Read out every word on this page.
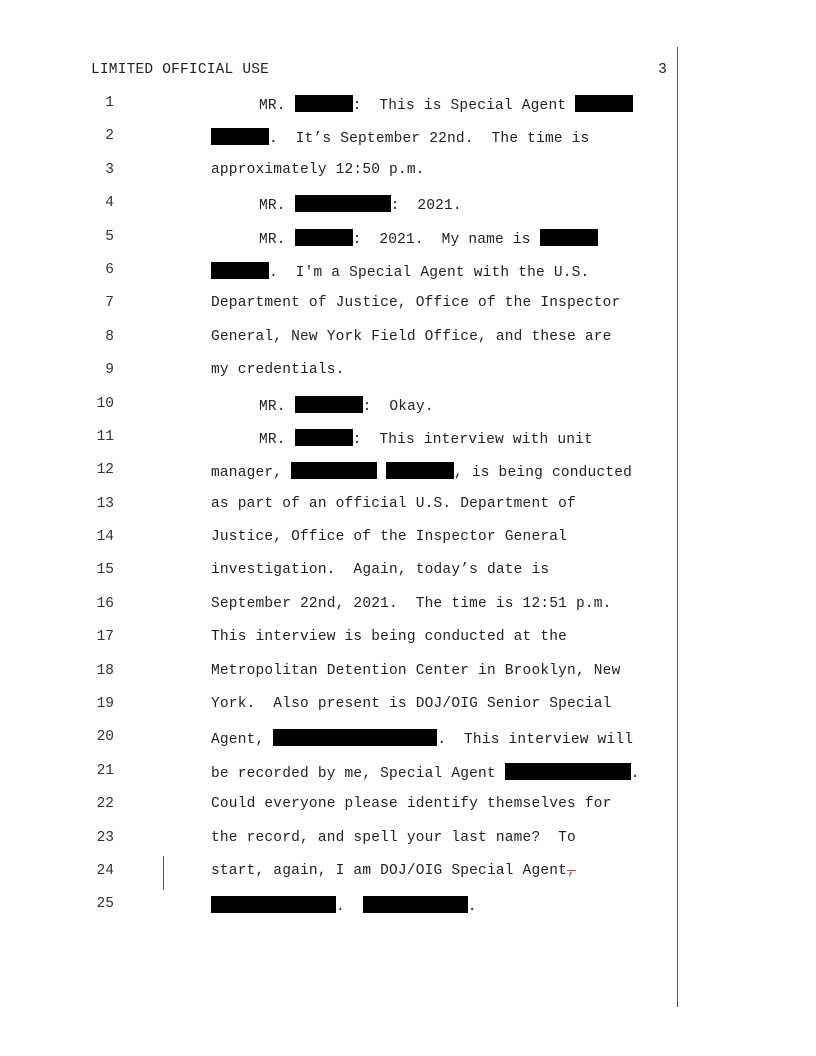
LIMITED OFFICIAL USE	3
1	MR.	:  This is Special Agent
2	.  It’s September 22nd.  The time is
3	approximately 12:50 p.m.
4	MR.	:  2021.
5	MR.	:  2021.  My name is
6	.  I'm a Special Agent with the U.S.
7	Department of Justice, Office of the Inspector
8	General, New York Field Office, and these are
9	my credentials.
10	MR.	:  Okay.
11	MR.	:  This interview with unit
12	manager,	, is being conducted
13	as part of an official U.S. Department of
14	Justice, Office of the Inspector General
15	investigation.  Again, today’s date is
16	September 22nd, 2021.  The time is 12:51 p.m.
17	This interview is being conducted at the
18	Metropolitan Detention Center in Brooklyn, New
19	York.  Also present is DOJ/OIG Senior Special
20	Agent,	.  This interview will
21	be recorded by me, Special Agent	.
22	Could everyone please identify themselves for
23	the record, and spell your last name?  To
24	start, again, I am DOJ/OIG Special Agent,
25	.	.
